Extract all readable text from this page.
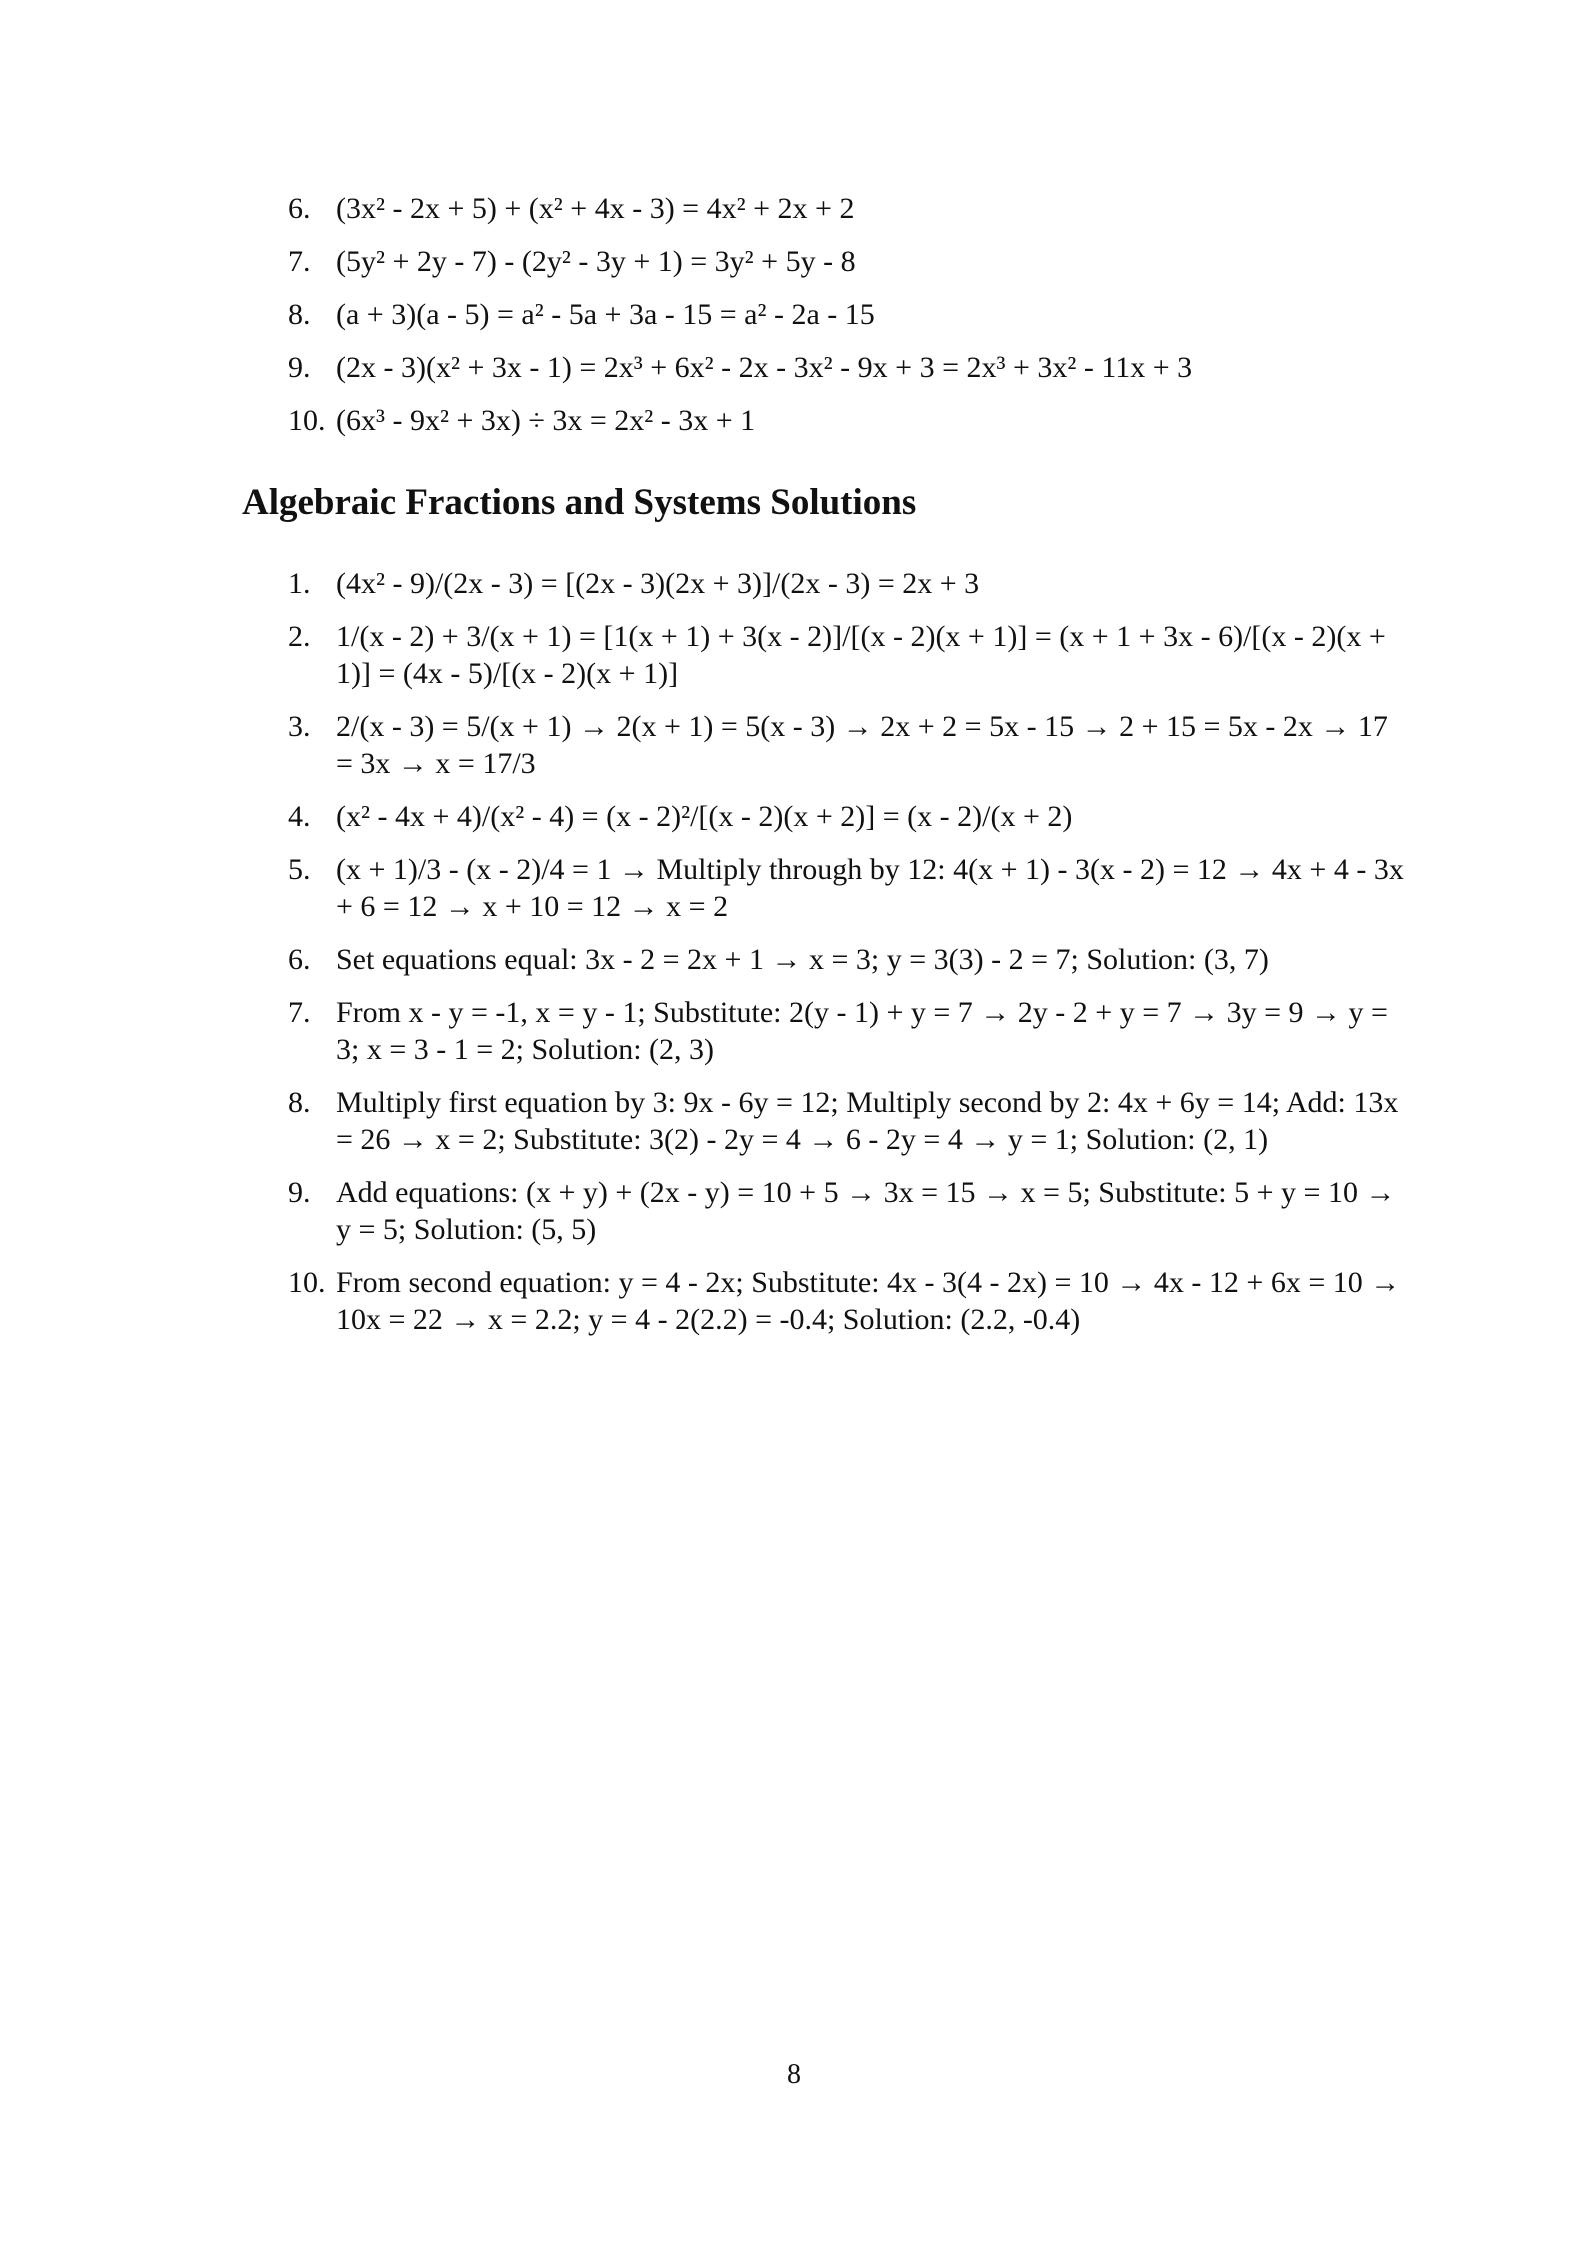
6. (3x² - 2x + 5) + (x² + 4x - 3) = 4x² + 2x + 2
7. (5y² + 2y - 7) - (2y² - 3y + 1) = 3y² + 5y - 8
8. (a + 3)(a - 5) = a² - 5a + 3a - 15 = a² - 2a - 15
9. (2x - 3)(x² + 3x - 1) = 2x³ + 6x² - 2x - 3x² - 9x + 3 = 2x³ + 3x² - 11x + 3
10. (6x³ - 9x² + 3x) ÷ 3x = 2x² - 3x + 1
Algebraic Fractions and Systems Solutions
1. (4x² - 9)/(2x - 3) = [(2x - 3)(2x + 3)]/(2x - 3) = 2x + 3
2. 1/(x - 2) + 3/(x + 1) = [1(x + 1) + 3(x - 2)]/[(x - 2)(x + 1)] = (x + 1 + 3x - 6)/[(x - 2)(x + 1)] = (4x - 5)/[(x - 2)(x + 1)]
3. 2/(x - 3) = 5/(x + 1) → 2(x + 1) = 5(x - 3) → 2x + 2 = 5x - 15 → 2 + 15 = 5x - 2x → 17 = 3x → x = 17/3
4. (x² - 4x + 4)/(x² - 4) = (x - 2)²/[(x - 2)(x + 2)] = (x - 2)/(x + 2)
5. (x + 1)/3 - (x - 2)/4 = 1 → Multiply through by 12: 4(x + 1) - 3(x - 2) = 12 → 4x + 4 - 3x + 6 = 12 → x + 10 = 12 → x = 2
6. Set equations equal: 3x - 2 = 2x + 1 → x = 3; y = 3(3) - 2 = 7; Solution: (3, 7)
7. From x - y = -1, x = y - 1; Substitute: 2(y - 1) + y = 7 → 2y - 2 + y = 7 → 3y = 9 → y = 3; x = 3 - 1 = 2; Solution: (2, 3)
8. Multiply first equation by 3: 9x - 6y = 12; Multiply second by 2: 4x + 6y = 14; Add: 13x = 26 → x = 2; Substitute: 3(2) - 2y = 4 → 6 - 2y = 4 → y = 1; Solution: (2, 1)
9. Add equations: (x + y) + (2x - y) = 10 + 5 → 3x = 15 → x = 5; Substitute: 5 + y = 10 → y = 5; Solution: (5, 5)
10. From second equation: y = 4 - 2x; Substitute: 4x - 3(4 - 2x) = 10 → 4x - 12 + 6x = 10 → 10x = 22 → x = 2.2; y = 4 - 2(2.2) = -0.4; Solution: (2.2, -0.4)
8
